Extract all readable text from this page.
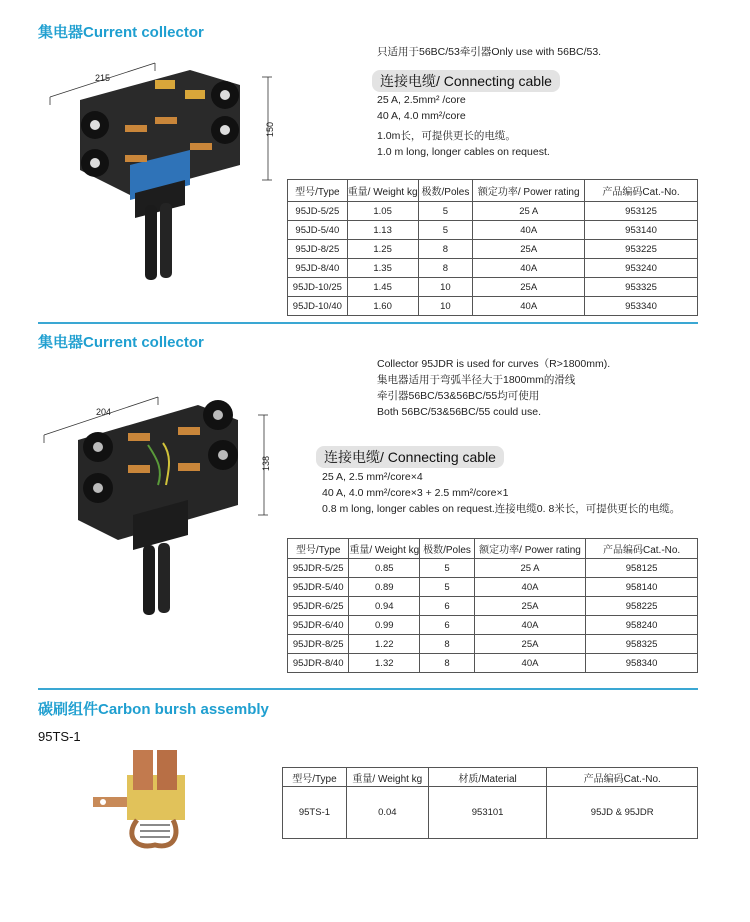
集电器Current collector
215
150
只适用于56BC/53牵引器Only use with 56BC/53.
连接电缆/ Connecting cable
25 A, 2.5mm² /core
40 A, 4.0 mm²/core
1.0m长，可提供更长的电缆。
1.0 m long, longer cables on request.
型号/Type	重量/ Weight kg	极数/Poles	额定功率/ Power rating	产品编码Cat.-No.
95JD-5/25	1.05	5	25 A	953125
95JD-5/40	1.13	5	40A	953140
95JD-8/25	1.25	8	25A	953225
95JD-8/40	1.35	8	40A	953240
95JD-10/25	1.45	10	25A	953325
95JD-10/40	1.60	10	40A	953340
集电器Current collector
204
138
Collector 95JDR is used for curves（R>1800mm).
集电器适用于弯弧半径大于1800mm的滑线
牵引器56BC/53&56BC/55均可使用
Both 56BC/53&56BC/55 could use.
连接电缆/ Connecting cable
25 A, 2.5 mm²/core×4
40 A, 4.0 mm²/core×3 + 2.5 mm²/core×1
0.8 m long, longer cables on request.连接电缆0. 8米长，可提供更长的电缆。
型号/Type	重量/ Weight kg	极数/Poles	额定功率/ Power rating	产品编码Cat.-No.
95JDR-5/25	0.85	5	25 A	958125
95JDR-5/40	0.89	5	40A	958140
95JDR-6/25	0.94	6	25A	958225
95JDR-6/40	0.99	6	40A	958240
95JDR-8/25	1.22	8	25A	958325
95JDR-8/40	1.32	8	40A	958340
碳刷组件Carbon bursh assembly
95TS-1
型号/Type	重量/ Weight kg	材质/Material	产品编码Cat.-No.
95TS-1	0.04	953101	95JD & 95JDR
